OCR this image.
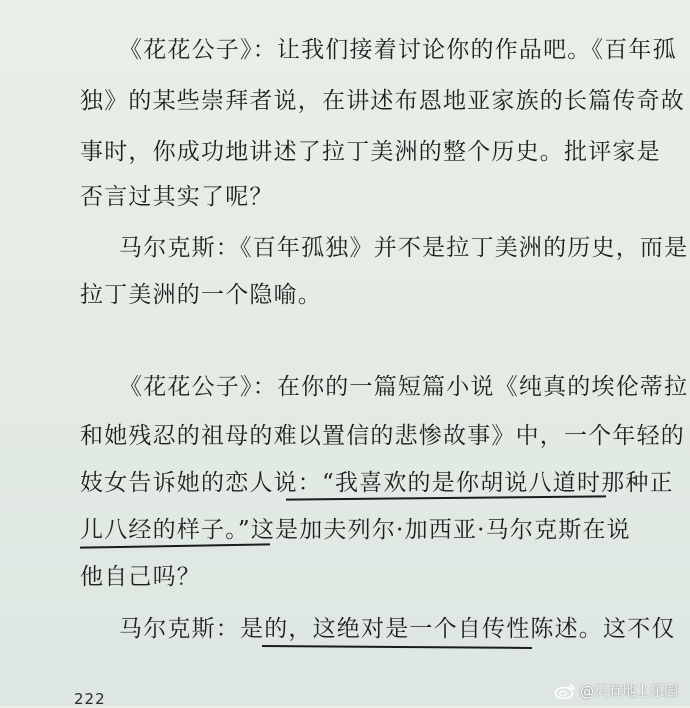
《花花公子》：让我们接着讨论你的作品吧。《百年孤
独》的某些崇拜者说，在讲述布恩地亚家族的长篇传奇故
事时，你成功地讲述了拉丁美洲的整个历史。批评家是
否言过其实了呢？
马尔克斯：《百年孤独》并不是拉丁美洲的历史，而是
拉丁美洲的一个隐喻。
《花花公子》：在你的一篇短篇小说《纯真的埃伦蒂拉
和她残忍的祖母的难以置信的悲惨故事》中，一个年轻的
妓女告诉她的恋人说：“我喜欢的是你胡说八道时那种正
儿八经的样子。”这是加夫列尔·加西亚·马尔克斯在说
他自己吗？
马尔克斯：是的，这绝对是一个自传性陈述。这不仅
222	@只有地上乐园
